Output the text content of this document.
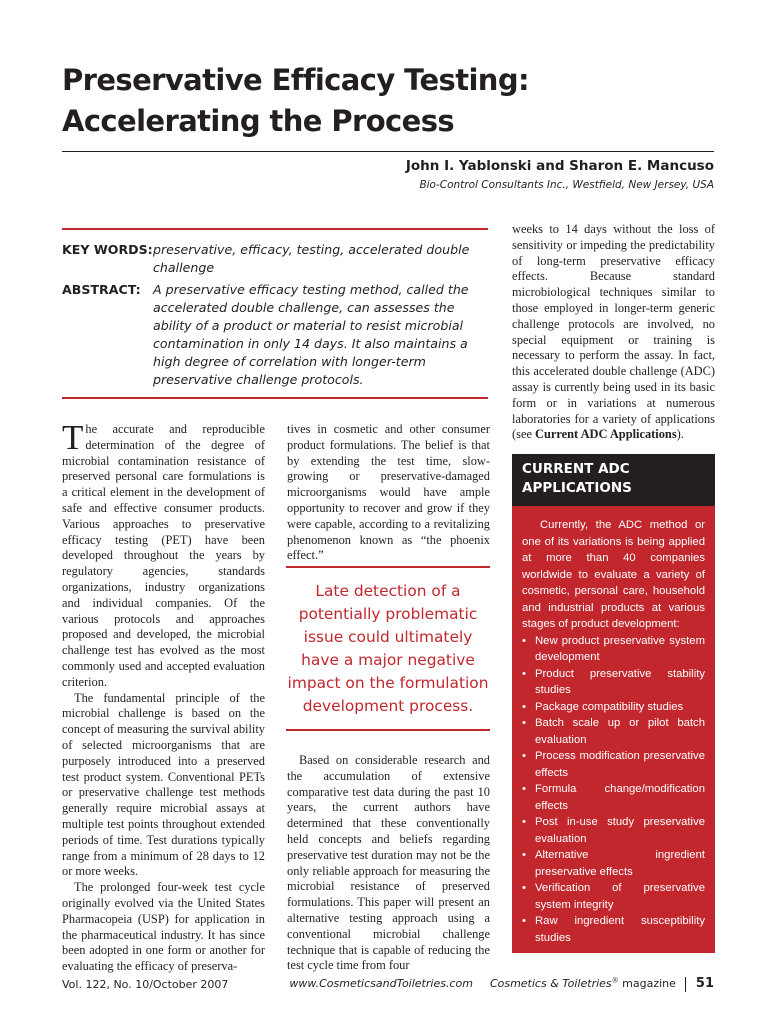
Preservative Efficacy Testing:
Accelerating the Process
John I. Yablonski and Sharon E. Mancuso
Bio-Control Consultants Inc., Westfield, New Jersey, USA
KEY WORDS: preservative, efficacy, testing, accelerated double challenge
ABSTRACT: A preservative efficacy testing method, called the accelerated double challenge, can assesses the ability of a product or material to resist microbial contamination in only 14 days. It also maintains a high degree of correlation with longer-term preservative challenge protocols.

The accurate and reproducible determination of the degree of microbial contamination resistance of preserved personal care formulations is a critical element in the development of safe and effective consumer products. Various approaches to preservative efficacy testing (PET) have been developed throughout the years by regulatory agencies, standards organizations, industry organizations and individual companies. Of the various protocols and approaches proposed and developed, the microbial challenge test has evolved as the most commonly used and accepted evaluation criterion.

The fundamental principle of the microbial challenge is based on the concept of measuring the survival ability of selected microorganisms that are purposely introduced into a preserved test product system. Conventional PETs or preservative challenge test methods generally require microbial assays at multiple test points throughout extended periods of time. Test durations typically range from a minimum of 28 days to 12 or more weeks.

The prolonged four-week test cycle originally evolved via the United States Pharmacopeia (USP) for application in the pharmaceutical industry. It has since been adopted in one form or another for evaluating the efficacy of preserva-

tives in cosmetic and other consumer product formulations. The belief is that by extending the test time, slow-growing or preservative-damaged microorganisms would have ample opportunity to recover and grow if they were capable, according to a revitalizing phenomenon known as “the phoenix effect.”

Late detection of a potentially problematic issue could ultimately have a major negative impact on the formulation development process.

Based on considerable research and the accumulation of extensive comparative test data during the past 10 years, the current authors have determined that these conventionally held concepts and beliefs regarding preservative test duration may not be the only reliable approach for measuring the microbial resistance of preserved formulations. This paper will present an alternative testing approach using a conventional microbial challenge technique that is capable of reducing the test cycle time from four

weeks to 14 days without the loss of sensitivity or impeding the predictability of long-term preservative efficacy effects. Because standard microbiological techniques similar to those employed in longer-term generic challenge protocols are involved, no special equipment or training is necessary to perform the assay. In fact, this accelerated double challenge (ADC) assay is currently being used in its basic form or in variations at numerous laboratories for a variety of applications (see Current ADC Applications).

CURRENT ADC
APPLICATIONS

Currently, the ADC method or one of its variations is being applied at more than 40 companies worldwide to evaluate a variety of cosmetic, personal care, household and industrial products at various stages of product development:

• New product preservative system development
• Product preservative stability studies
• Package compatibility studies
• Batch scale up or pilot batch evaluation
• Process modification preservative effects
• Formula change/modification effects
• Post in-use study preservative evaluation
• Alternative ingredient preservative effects
• Verification of preservative system integrity
• Raw ingredient susceptibility studies
Vol. 122, No. 10/October 2007	www.CosmeticsandToiletries.com Cosmetics & Toiletries® magazine 51
